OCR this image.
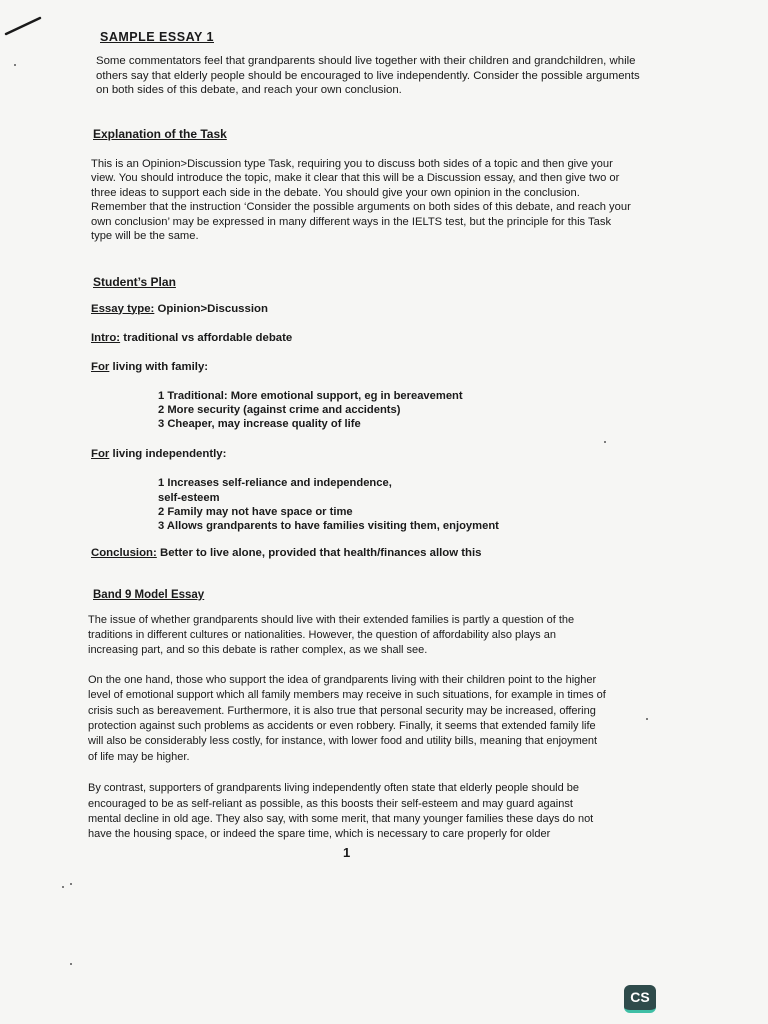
SAMPLE ESSAY 1
Some commentators feel that grandparents should live together with their children and grandchildren, while others say that elderly people should be encouraged to live independently. Consider the possible arguments on both sides of this debate, and reach your own conclusion.
Explanation of the Task
This is an Opinion>Discussion type Task, requiring you to discuss both sides of a topic and then give your view. You should introduce the topic, make it clear that this will be a Discussion essay, and then give two or three ideas to support each side in the debate. You should give your own opinion in the conclusion.
Remember that the instruction ‘Consider the possible arguments on both sides of this debate, and reach your own conclusion’ may be expressed in many different ways in the IELTS test, but the principle for this Task type will be the same.
Student’s Plan
Essay type: Opinion>Discussion
Intro: traditional vs affordable debate
For living with family:
1 Traditional: More emotional support, eg in bereavement
2 More security (against crime and accidents)
3 Cheaper, may increase quality of life
For living independently:
1 Increases self-reliance and independence,
self-esteem
2 Family may not have space or time
3 Allows grandparents to have families visiting them, enjoyment
Conclusion: Better to live alone, provided that health/finances allow this
Band 9 Model Essay
The issue of whether grandparents should live with their extended families is partly a question of the traditions in different cultures or nationalities. However, the question of affordability also plays an increasing part, and so this debate is rather complex, as we shall see.
On the one hand, those who support the idea of grandparents living with their children point to the higher level of emotional support which all family members may receive in such situations, for example in times of crisis such as bereavement. Furthermore, it is also true that personal security may be increased, offering protection against such problems as accidents or even robbery. Finally, it seems that extended family life will also be considerably less costly, for instance, with lower food and utility bills, meaning that enjoyment of life may be higher.
By contrast, supporters of grandparents living independently often state that elderly people should be encouraged to be as self-reliant as possible, as this boosts their self-esteem and may guard against mental decline in old age. They also say, with some merit, that many younger families these days do not have the housing space, or indeed the spare time, which is necessary to care properly for older
1
CS
